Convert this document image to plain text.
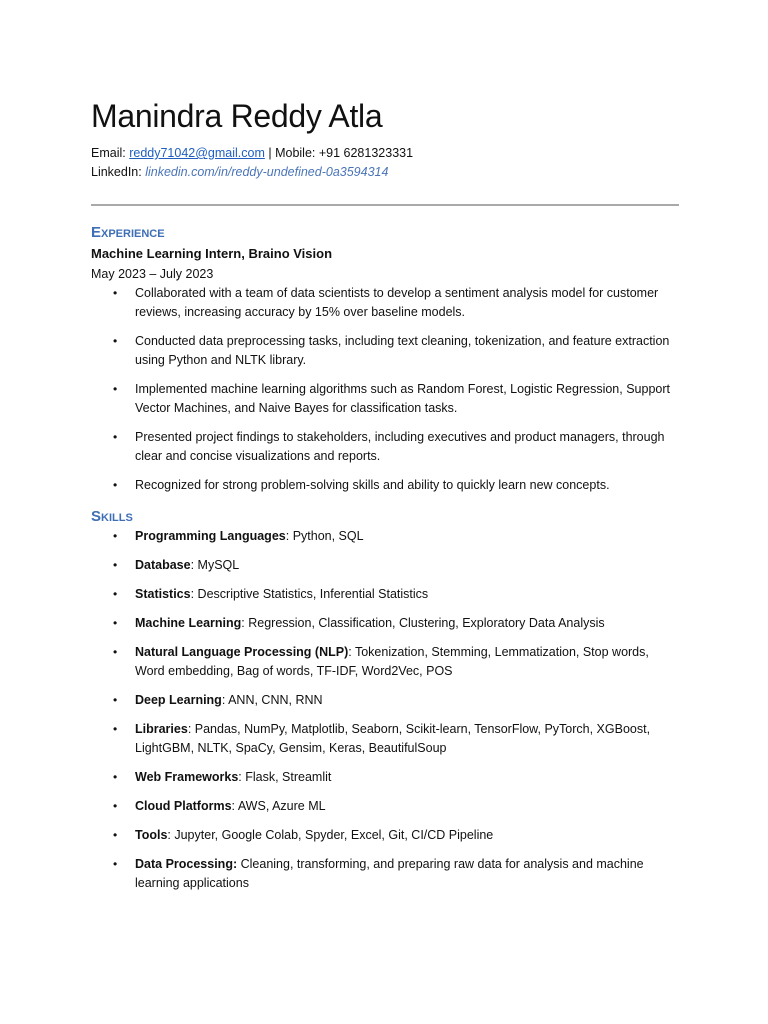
Manindra Reddy Atla
Email: reddy71042@gmail.com | Mobile: +91 6281323331
LinkedIn: linkedin.com/in/reddy-undefined-0a3594314
Experience
Machine Learning Intern, Braino Vision
May 2023 – July 2023
• Collaborated with a team of data scientists to develop a sentiment analysis model for customer reviews, increasing accuracy by 15% over baseline models.
• Conducted data preprocessing tasks, including text cleaning, tokenization, and feature extraction using Python and NLTK library.
• Implemented machine learning algorithms such as Random Forest, Logistic Regression, Support Vector Machines, and Naive Bayes for classification tasks.
• Presented project findings to stakeholders, including executives and product managers, through clear and concise visualizations and reports.
• Recognized for strong problem-solving skills and ability to quickly learn new concepts.
Skills
• Programming Languages: Python, SQL
• Database: MySQL
• Statistics: Descriptive Statistics, Inferential Statistics
• Machine Learning: Regression, Classification, Clustering, Exploratory Data Analysis
• Natural Language Processing (NLP): Tokenization, Stemming, Lemmatization, Stop words, Word embedding, Bag of words, TF-IDF, Word2Vec, POS
• Deep Learning: ANN, CNN, RNN
• Libraries: Pandas, NumPy, Matplotlib, Seaborn, Scikit-learn, TensorFlow, PyTorch, XGBoost, LightGBM, NLTK, SpaCy, Gensim, Keras, BeautifulSoup
• Web Frameworks: Flask, Streamlit
• Cloud Platforms: AWS, Azure ML
• Tools: Jupyter, Google Colab, Spyder, Excel, Git, CI/CD Pipeline
• Data Processing: Cleaning, transforming, and preparing raw data for analysis and machine learning applications
